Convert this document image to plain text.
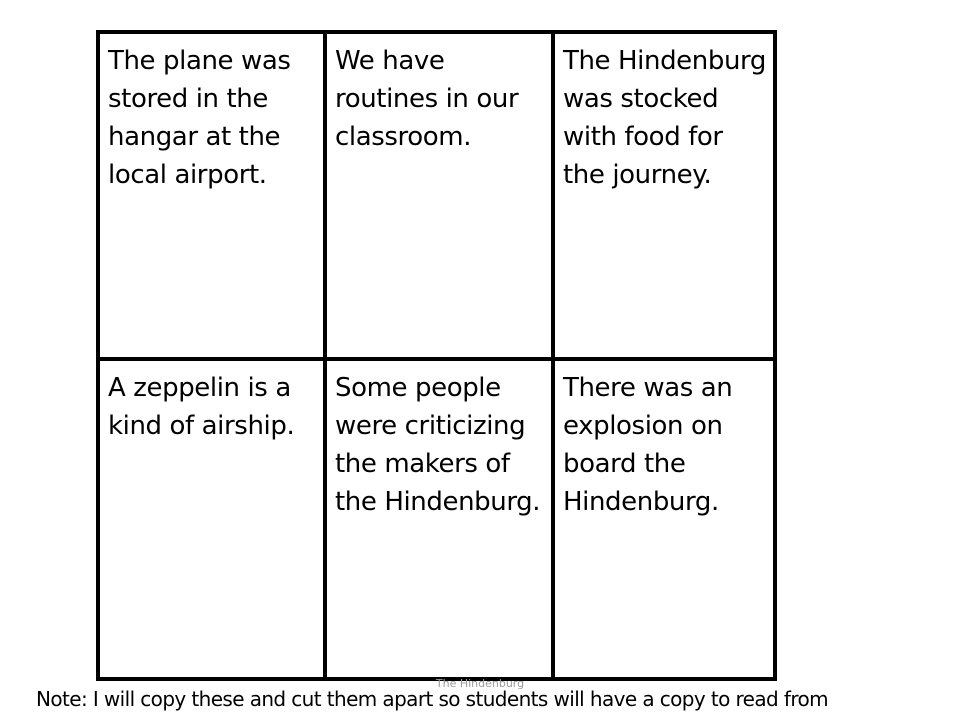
The plane was stored in the hangar at the local airport.

We have routines in our classroom.

The Hindenburg was stocked with food for the journey.

A zeppelin is a kind of airship.

Some people were criticizing the makers of the Hindenburg.

There was an explosion on board the Hindenburg.

The Hindenburg
Note: I will copy these and cut them apart so students will have a copy to read from
